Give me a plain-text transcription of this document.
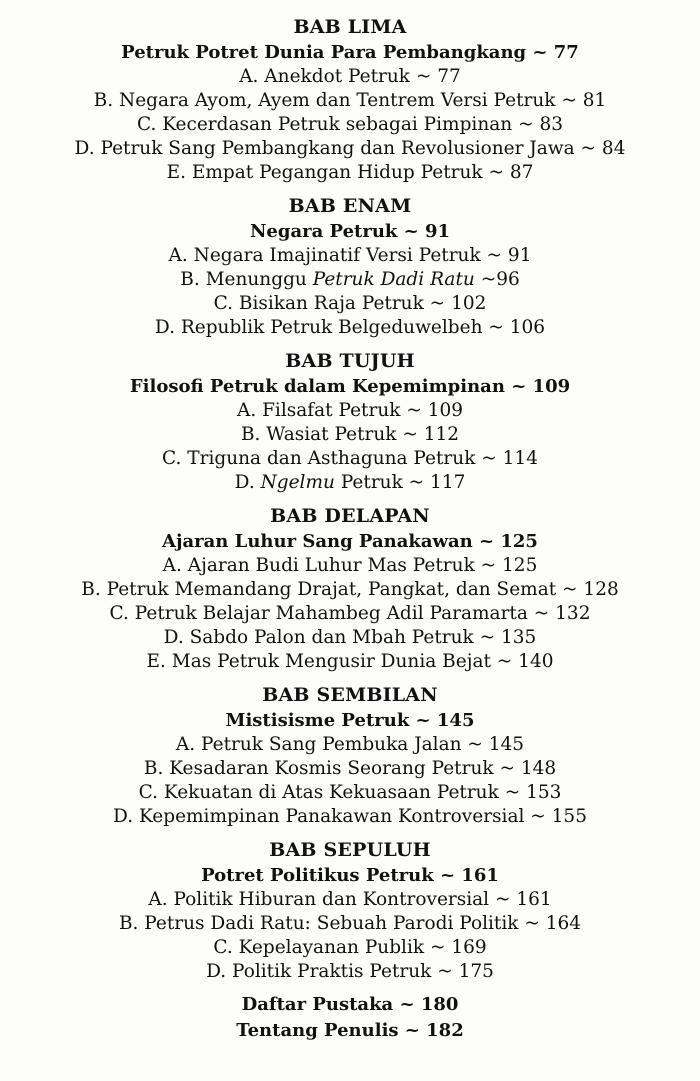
BAB LIMA
Petruk Potret Dunia Para Pembangkang ~ 77
A. Anekdot Petruk ~ 77
B. Negara Ayom, Ayem dan Tentrem Versi Petruk ~ 81
C. Kecerdasan Petruk sebagai Pimpinan ~ 83
D. Petruk Sang Pembangkang dan Revolusioner Jawa ~ 84
E. Empat Pegangan Hidup Petruk ~ 87
BAB ENAM
Negara Petruk ~ 91
A. Negara Imajinatif Versi Petruk ~ 91
B. Menunggu Petruk Dadi Ratu ~96
C. Bisikan Raja Petruk ~ 102
D. Republik Petruk Belgeduwelbeh ~ 106
BAB TUJUH
Filosofi Petruk dalam Kepemimpinan ~ 109
A. Filsafat Petruk ~ 109
B. Wasiat Petruk ~ 112
C. Triguna dan Asthaguna Petruk ~ 114
D. Ngelmu Petruk ~ 117
BAB DELAPAN
Ajaran Luhur Sang Panakawan ~ 125
A. Ajaran Budi Luhur Mas Petruk ~ 125
B. Petruk Memandang Drajat, Pangkat, dan Semat ~ 128
C. Petruk Belajar Mahambeg Adil Paramarta ~ 132
D. Sabdo Palon dan Mbah Petruk ~ 135
E. Mas Petruk Mengusir Dunia Bejat ~ 140
BAB SEMBILAN
Mistisisme Petruk ~ 145
A. Petruk Sang Pembuka Jalan ~ 145
B. Kesadaran Kosmis Seorang Petruk ~ 148
C. Kekuatan di Atas Kekuasaan Petruk ~ 153
D. Kepemimpinan Panakawan Kontroversial ~ 155
BAB SEPULUH
Potret Politikus Petruk ~ 161
A. Politik Hiburan dan Kontroversial ~ 161
B. Petrus Dadi Ratu: Sebuah Parodi Politik ~ 164
C. Kepelayanan Publik ~ 169
D. Politik Praktis Petruk ~ 175
Daftar Pustaka ~ 180
Tentang Penulis ~ 182
